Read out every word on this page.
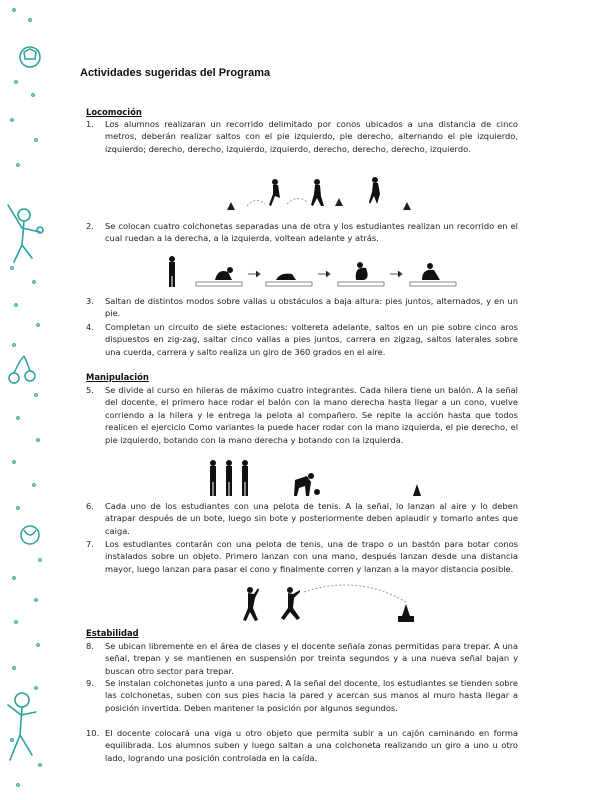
Actividades sugeridas del Programa
Locomoción
1.	Los alumnos realizaran un recorrido delimitado por conos ubicados a una distancia de cinco metros, deberán realizar saltos con el pie izquierdo, pie derecho, alternando el pie izquierdo, izquierdo; derecho, derecho, izquierdo, izquierdo, derecho, derecho, derecho, izquierdo.
2.	Se colocan cuatro colchonetas separadas una de otra y los estudiantes realizan un recorrido en el cual ruedan a la derecha, a la izquierda, voltean adelante y atrás.
3.	Saltan de distintos modos sobre vallas u obstáculos a baja altura: pies juntos, alternados, y en un pie.
4.	Completan un circuito de siete estaciones: voltereta adelante, saltos en un pie sobre cinco aros dispuestos en zig-zag, saltar cinco vallas a pies juntos, carrera en zigzag, saltos laterales sobre una cuerda, carrera y salto realiza un giro de 360 grados en el aire.
Manipulación
5.	Se divide al curso en hileras de máximo cuatro integrantes. Cada hilera tiene un balón. A la señal del docente, el primero hace rodar el balón con la mano derecha hasta llegar a un cono, vuelve corriendo a la hilera y le entrega la pelota al compañero. Se repite la acción hasta que todos realicen el ejercicio Como variantes la puede hacer rodar con la mano izquierda, el pie derecho, el pie izquierdo, botando con la mano derecha y botando con la izquierda.
6.	Cada uno de los estudiantes con una pelota de tenis. A la señal, lo lanzan al aire y lo deben atrapar después de un bote, luego sin bote y posteriormente deben aplaudir y tomarlo antes que caiga.
7.	Los estudiantes contarán con una pelota de tenis, una de trapo o un bastón para botar conos instalados sobre un objeto. Primero lanzan con una mano, después lanzan desde una distancia mayor, luego lanzan para pasar el cono y finalmente corren y lanzan a la mayor distancia posible.
Estabilidad
8.	Se ubican libremente en el área de clases y el docente señala zonas permitidas para trepar. A una señal, trepan y se mantienen en suspensión por treinta segundos y a una nueva señal bajan y buscan otro sector para trepar.
9.	Se instalan colchonetas junto a una pared. A la señal del docente, los estudiantes se tienden sobre las colchonetas, suben con sus pies hacia la pared y acercan sus manos al muro hasta llegar a posición invertida. Deben mantener la posición por algunos segundos.
10. El docente colocará una viga u otro objeto que permita subir a un cajón caminando en forma equilibrada. Los alumnos suben y luego saltan a una colchoneta realizando un giro a uno u otro lado, logrando una posición controlada en la caída.
